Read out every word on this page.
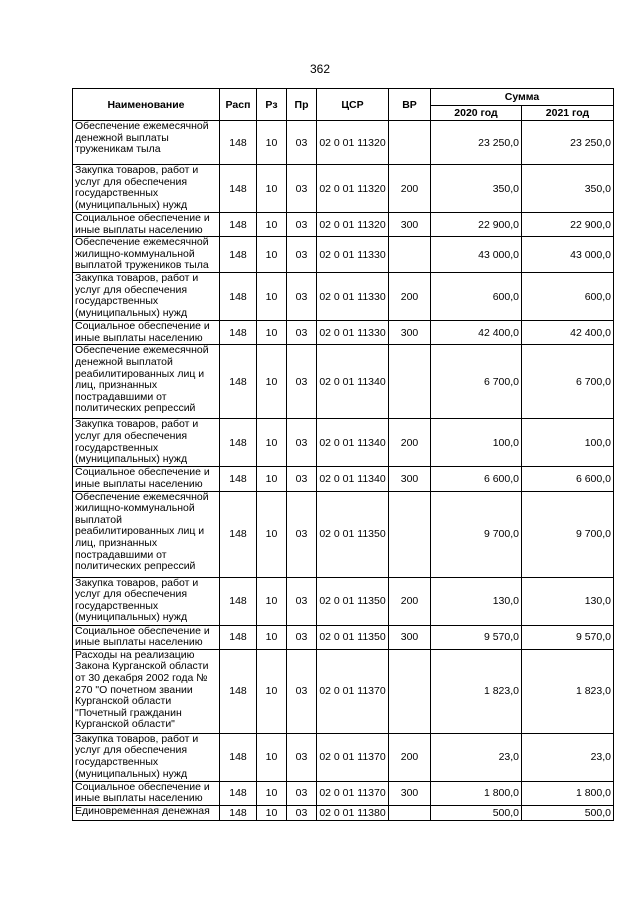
362
Наименование	Расп	Рз	Пр	ЦСР	ВР	Сумма	
						2020 год	2021 год
Обеспечение ежемесячной денежной выплаты труженикам тыла	148	10	03	02 0 01 11320		23 250,0	23 250,0
Закупка товаров, работ и услуг для обеспечения государственных (муниципальных) нужд	148	10	03	02 0 01 11320	200	350,0	350,0
Социальное обеспечение и иные выплаты населению	148	10	03	02 0 01 11320	300	22 900,0	22 900,0
Обеспечение ежемесячной жилищно-коммунальной выплатой тружеников тыла	148	10	03	02 0 01 11330		43 000,0	43 000,0
Закупка товаров, работ и услуг для обеспечения государственных (муниципальных) нужд	148	10	03	02 0 01 11330	200	600,0	600,0
Социальное обеспечение и иные выплаты населению	148	10	03	02 0 01 11330	300	42 400,0	42 400,0
Обеспечение ежемесячной денежной выплатой реабилитированных лиц и лиц, признанных пострадавшими от политических репрессий	148	10	03	02 0 01 11340		6 700,0	6 700,0
Закупка товаров, работ и услуг для обеспечения государственных (муниципальных) нужд	148	10	03	02 0 01 11340	200	100,0	100,0
Социальное обеспечение и иные выплаты населению	148	10	03	02 0 01 11340	300	6 600,0	6 600,0
Обеспечение ежемесячной жилищно-коммунальной выплатой реабилитированных лиц и лиц, признанных пострадавшими от политических репрессий	148	10	03	02 0 01 11350		9 700,0	9 700,0
Закупка товаров, работ и услуг для обеспечения государственных (муниципальных) нужд	148	10	03	02 0 01 11350	200	130,0	130,0
Социальное обеспечение и иные выплаты населению	148	10	03	02 0 01 11350	300	9 570,0	9 570,0
Расходы на реализацию Закона Курганской области от 30 декабря 2002 года № 270 "О почетном звании Курганской области "Почетный гражданин Курганской области"	148	10	03	02 0 01 11370		1 823,0	1 823,0
Закупка товаров, работ и услуг для обеспечения государственных (муниципальных) нужд	148	10	03	02 0 01 11370	200	23,0	23,0
Социальное обеспечение и иные выплаты населению	148	10	03	02 0 01 11370	300	1 800,0	1 800,0
Единовременная денежная	148	10	03	02 0 01 11380		500,0	500,0
